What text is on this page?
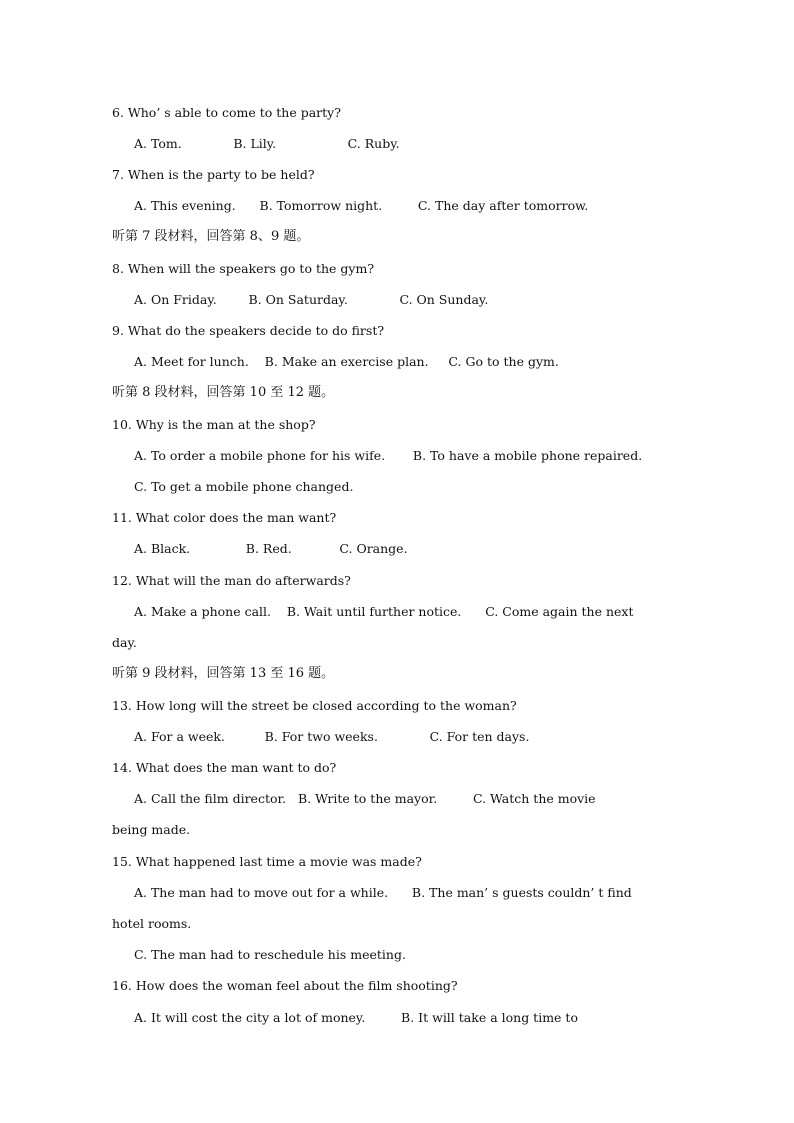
6. Who’ s able to come to the party?
A. Tom.             B. Lily.                  C. Ruby.
7. When is the party to be held?
A. This evening.      B. Tomorrow night.         C. The day after tomorrow.
听第 7 段材料，回答第 8、9 题。
8. When will the speakers go to the gym?
A. On Friday.        B. On Saturday.             C. On Sunday.
9. What do the speakers decide to do first?
A. Meet for lunch.    B. Make an exercise plan.     C. Go to the gym.
听第 8 段材料，回答第 10 至 12 题。
10. Why is the man at the shop?
A. To order a mobile phone for his wife.       B. To have a mobile phone repaired.
C. To get a mobile phone changed.
11. What color does the man want?
A. Black.              B. Red.            C. Orange.
12. What will the man do afterwards?
A. Make a phone call.    B. Wait until further notice.      C. Come again the next
day.
听第 9 段材料，回答第 13 至 16 题。
13. How long will the street be closed according to the woman?
A. For a week.          B. For two weeks.             C. For ten days.
14. What does the man want to do?
A. Call the film director.   B. Write to the mayor.         C. Watch the movie
being made.
15. What happened last time a movie was made?
A. The man had to move out for a while.      B. The man’ s guests couldn’ t find
hotel rooms.
C. The man had to reschedule his meeting.
16. How does the woman feel about the film shooting?
A. It will cost the city a lot of money.         B. It will take a long time to
